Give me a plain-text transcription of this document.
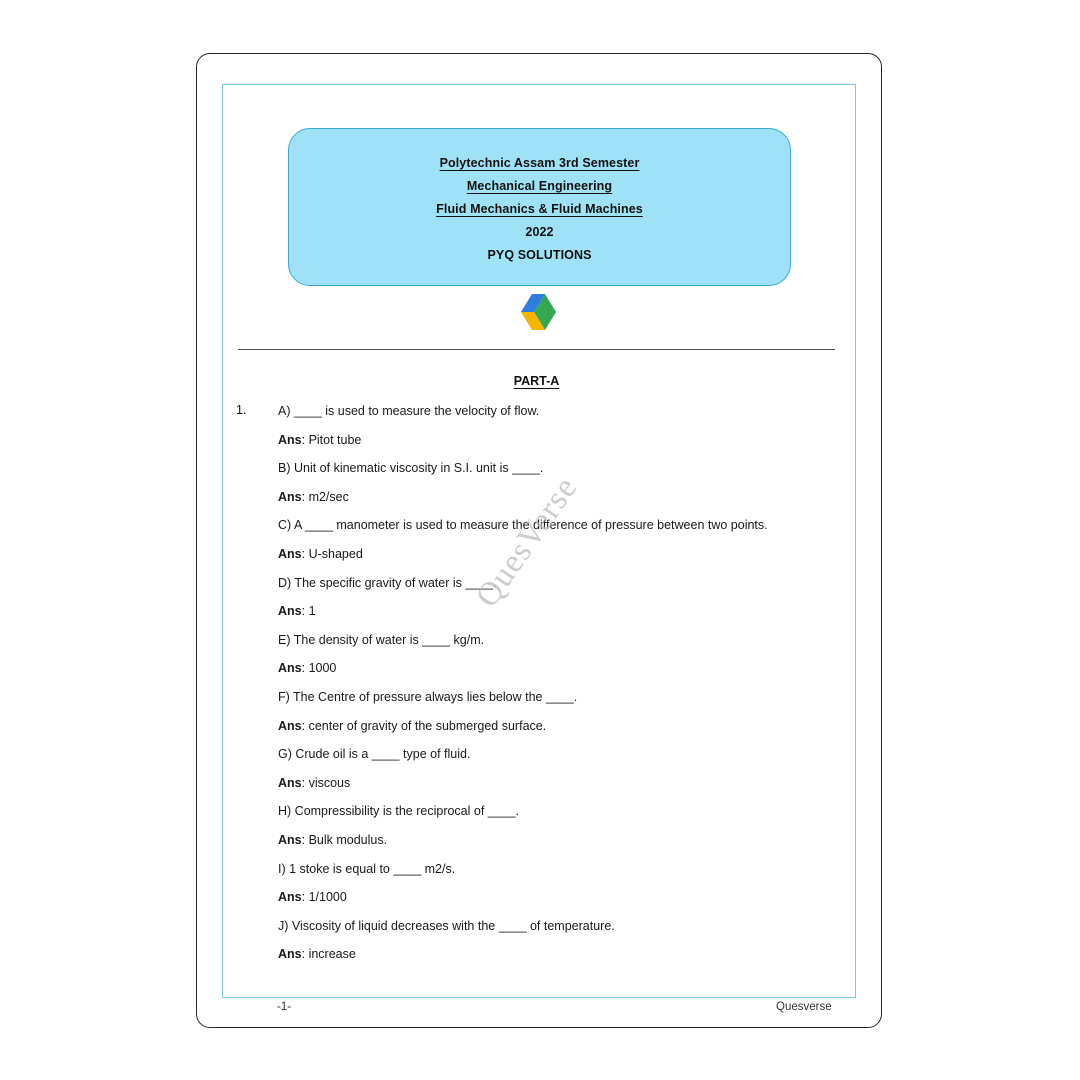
Polytechnic Assam 3rd Semester
Mechanical Engineering
Fluid Mechanics & Fluid Machines
2022
PYQ SOLUTIONS
PART-A
1.	A) ____ is used to measure the velocity of flow.
Ans: Pitot tube
B) Unit of kinematic viscosity in S.I. unit is ____.
Ans: m2/sec
C) A ____ manometer is used to measure the difference of pressure between two points.
Ans: U-shaped
D) The specific gravity of water is ____.
Ans: 1
E) The density of water is ____ kg/m.
Ans: 1000
F) The Centre of pressure always lies below the ____.
Ans: center of gravity of the submerged surface.
G) Crude oil is a ____ type of fluid.
Ans: viscous
H) Compressibility is the reciprocal of ____.
Ans: Bulk modulus.
I) 1 stoke is equal to ____ m2/s.
Ans: 1/1000
J) Viscosity of liquid decreases with the ____ of temperature.
Ans: increase
QuesVerse
-1-	Quesverse
